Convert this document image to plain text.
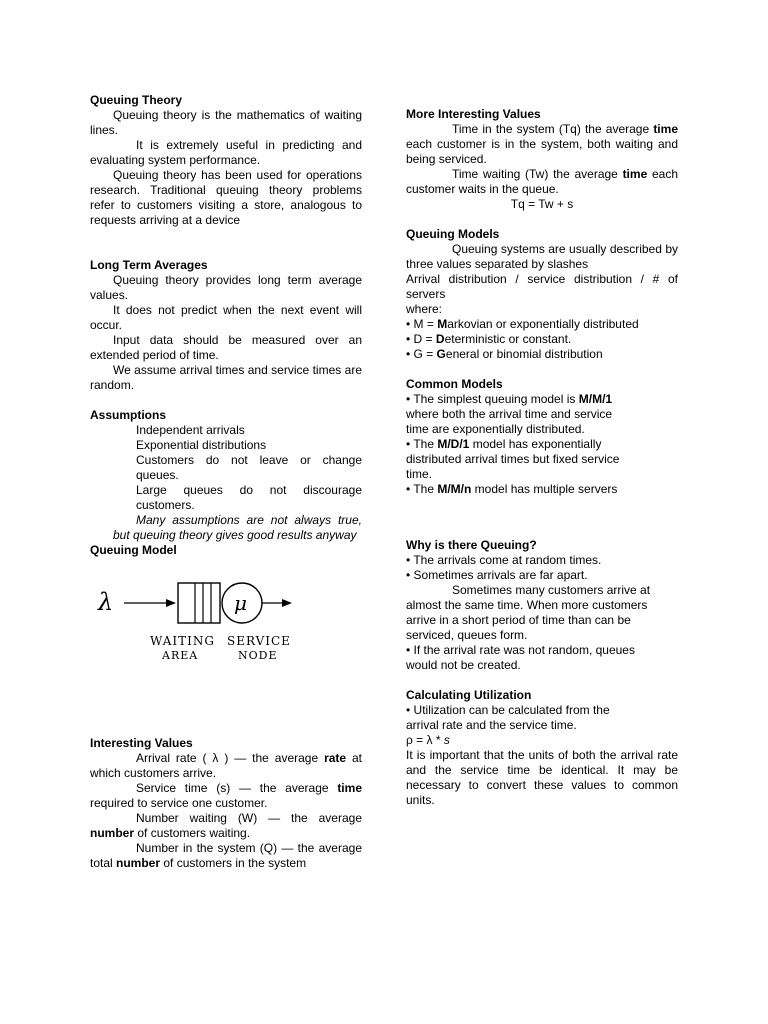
Queuing Theory

Queuing theory is the mathematics of waiting lines.

It is extremely useful in predicting and evaluating system performance.

Queuing theory has been used for operations research. Traditional queuing theory problems refer to customers visiting a store, analogous to requests arriving at a device

Long Term Averages

Queuing theory provides long term average values.

It does not predict when the next event will occur.

Input data should be measured over an extended period of time.

We assume arrival times and service times are random.

Assumptions

Independent arrivals

Exponential distributions

Customers do not leave or change queues.

Large queues do not discourage customers.

Many assumptions are not always true, but queuing theory gives good results anyway

Queuing Model

λ	μ
WAITING
AREA
SERVICE
NODE

Interesting Values

Arrival rate ( λ ) — the average rate at which customers arrive.

Service time (s) — the average time required to service one customer.

Number waiting (W) — the average number of customers waiting.

Number in the system (Q) — the average total number of customers in the system

More Interesting Values

Time in the system (Tq) the average time each customer is in the system, both waiting and being serviced.

Time waiting (Tw) the average time each customer waits in the queue.

Tq = Tw + s

Queuing Models

Queuing systems are usually described by three values separated by slashes

Arrival distribution / service distribution / # of servers

where:

• M = Markovian or exponentially distributed

• D = Deterministic or constant.

• G = General or binomial distribution

Common Models

• The simplest queuing model is M/M/1 where both the arrival time and service time are exponentially distributed.

• The M/D/1 model has exponentially distributed arrival times but fixed service time.

• The M/M/n model has multiple servers

Why is there Queuing?

• The arrivals come at random times.

• Sometimes arrivals are far apart.

Sometimes many customers arrive at almost the same time. When more customers arrive in a short period of time than can be serviced, queues form.

• If the arrival rate was not random, queues would not be created.

Calculating Utilization

• Utilization can be calculated from the arrival rate and the service time.

ρ = λ * s

It is important that the units of both the arrival rate and the service time be identical. It may be necessary to convert these values to common units.
